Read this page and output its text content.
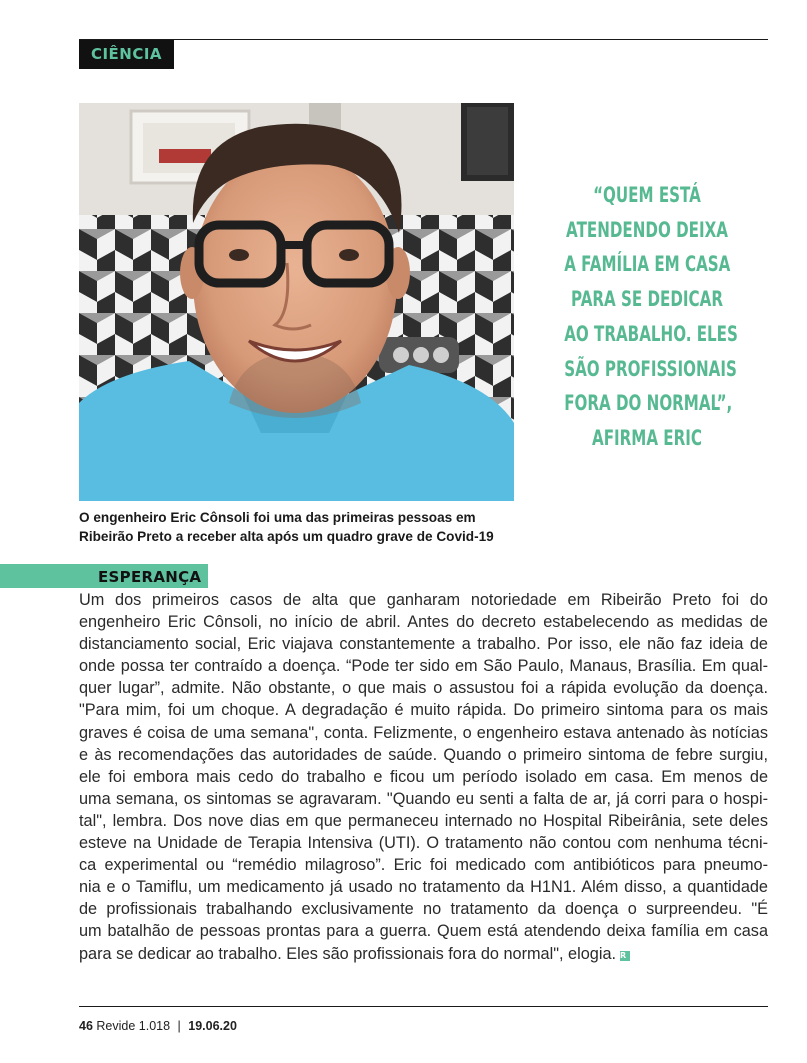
CIÊNCIA
O engenheiro Eric Cônsoli foi uma das primeiras pessoas em
Ribeirão Preto a receber alta após um quadro grave de Covid-19
“QUEM ESTÁ
ATENDENDO DEIXA
A FAMÍLIA EM CASA
PARA SE DEDICAR
AO TRABALHO. ELES
SÃO PROFISSIONAIS
FORA DO NORMAL”,
AFIRMA ERIC
ESPERANÇA
Um dos primeiros casos de alta que ganharam notoriedade em Ribeirão Preto foi do
engenheiro Eric Cônsoli, no início de abril. Antes do decreto estabelecendo as medidas de
distanciamento social, Eric viajava constantemente a trabalho. Por isso, ele não faz ideia de
onde possa ter contraído a doença. “Pode ter sido em São Paulo, Manaus, Brasília. Em qual-
quer lugar”, admite. Não obstante, o que mais o assustou foi a rápida evolução da doença.
"Para mim, foi um choque. A degradação é muito rápida. Do primeiro sintoma para os mais
graves é coisa de uma semana", conta. Felizmente, o engenheiro estava antenado às notícias
e às recomendações das autoridades de saúde. Quando o primeiro sintoma de febre surgiu,
ele foi embora mais cedo do trabalho e ficou um período isolado em casa. Em menos de
uma semana, os sintomas se agravaram. "Quando eu senti a falta de ar, já corri para o hospi-
tal", lembra. Dos nove dias em que permaneceu internado no Hospital Ribeirânia, sete deles
esteve na Unidade de Terapia Intensiva (UTI). O tratamento não contou com nenhuma técni-
ca experimental ou “remédio milagroso”. Eric foi medicado com antibióticos para pneumo-
nia e o Tamiflu, um medicamento já usado no tratamento da H1N1. Além disso, a quantidade
de profissionais trabalhando exclusivamente no tratamento da doença o surpreendeu. "É
um batalhão de pessoas prontas para a guerra. Quem está atendendo deixa família em casa
para se dedicar ao trabalho. Eles são profissionais fora do normal", elogia. R
46 Revide 1.018 | 19.06.20
